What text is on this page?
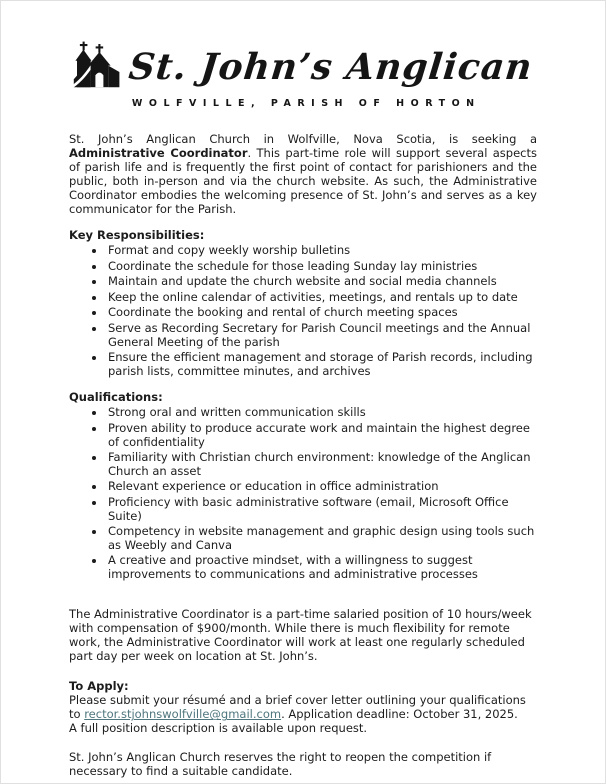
St. John’s Anglican
WOLFVILLE, PARISH OF HORTON

St. John’s Anglican Church in Wolfville, Nova Scotia, is seeking a Administrative Coordinator. This part-time role will support several aspects of parish life and is frequently the first point of contact for parishioners and the public, both in-person and via the church website. As such, the Administrative Coordinator embodies the welcoming presence of St. John’s and serves as a key communicator for the Parish.

Key Responsibilities:

• Format and copy weekly worship bulletins
• Coordinate the schedule for those leading Sunday lay ministries
• Maintain and update the church website and social media channels
• Keep the online calendar of activities, meetings, and rentals up to date
• Coordinate the booking and rental of church meeting spaces
• Serve as Recording Secretary for Parish Council meetings and the Annual General Meeting of the parish
• Ensure the efficient management and storage of Parish records, including parish lists, committee minutes, and archives

Qualifications:

• Strong oral and written communication skills
• Proven ability to produce accurate work and maintain the highest degree of confidentiality
• Familiarity with Christian church environment: knowledge of the Anglican Church an asset
• Relevant experience or education in office administration
• Proficiency with basic administrative software (email, Microsoft Office Suite)
• Competency in website management and graphic design using tools such as Weebly and Canva
• A creative and proactive mindset, with a willingness to suggest improvements to communications and administrative processes

The Administrative Coordinator is a part-time salaried position of 10 hours/week with compensation of $900/month. While there is much flexibility for remote work, the Administrative Coordinator will work at least one regularly scheduled part day per week on location at St. John’s.

To Apply:

Please submit your résumé and a brief cover letter outlining your qualifications to rector.stjohnswolfville@gmail.com. Application deadline: October 31, 2025.
A full position description is available upon request.

St. John’s Anglican Church reserves the right to reopen the competition if necessary to find a suitable candidate.
